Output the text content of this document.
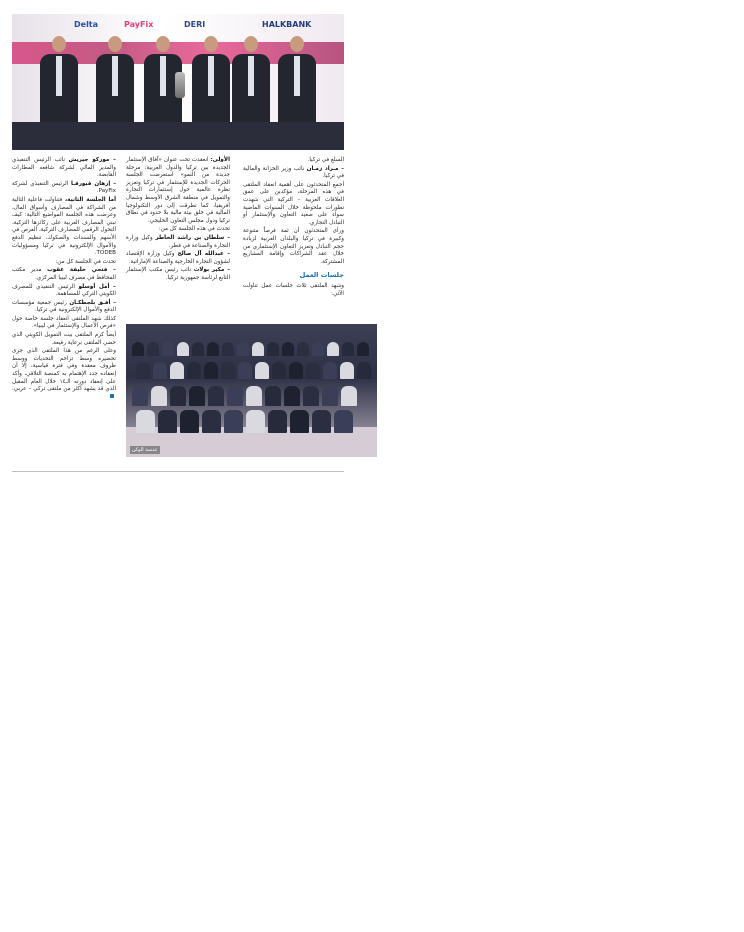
Delta	PayFix	DERI	HALKBANK

السلع في تركيا.

– مـراد زمـان نائب وزير الخزانة والمالية في تركيا.

أجمع المتحدثون على أهمية انعقاد الملتقى في هذه المرحلة، مؤكدين على عمق العلاقات العربية – التركية التي شهدت تطورات ملحوظة خلال السنوات الماضية سواء على صعيد التعاون والإستثمار أو التبادل التجاري.

ورأى المتحدثون أن ثمة فرصاً متنوعة وكبيرة في تركيا والبلدان العربية لزيادة حجم التبادل وتعزيز التعاون الإستثماري من خلال عقد الشراكات وإقامة المشاريع المشتركة.

جلسات العمل

وشهد الملتقى ثلاث جلسات عمل تناولت الآتي:

الأولى: انعقدت تحت عنوان «آفاق الإستثمار الجديدة بين تركيا والدول العربية: مرحلة جديدة من النمو» استعرضت الجلسة الحركات الجديدة للإستثمار في تركيا وتعزيز نظرة عالمية حول إستثمارات التجارة والتمويل في منطقة الشرق الأوسط وشمال أفريقيا، كما تطرقت إلى دور التكنولوجيا المالية في خلق بيئة مالية بلا حدود في نطاق تركيا ودول مجلس التعاون الخليجي.

تحدث في هذه الجلسة كل من:

– سلطان بن راشد الخاطر وكيل وزارة التجارة والصناعة في قطر.

– عبدالله آل صالح وكيل وزارة الإقتصاد لشؤون التجارة الخارجية والصناعة الإماراتية.

– مكير بولات نائب رئيس مكتب الإستثمار التابع لرئاسة جمهورية تركيا.

– موركو جيريش نائب الرئيس التنفيذي والمدير المالي لشركة شافعه المطارات القابضة.

– إرهان قبورقـا الرئيس التنفيذي لشركة PayFix.

أما الجلسة الثانية، فتناولت فاعلية التالية من الشراكة في المصارف وأسواق المال، وعرضت هذه الجلسة المواضيع التالية: كيف تبني المصارف العربية على ركائزها التركية، التحول الرقمي للمصارف التركية، الفرص في الأسهم والسندات والصكوك، تنظيم الدفع والأموال الإلكترونية في تركيا ومسؤوليات TODEB.

تحدث في الجلسة كل من:

– فتحي خليفة عقوب مدير مكتب المحافظ في مصرف ليبيا المركزي.

– أمل أوسلو الرئيس التنفيذي للمصرف الكويتي التركي للمساهمة.

– أفـق بلجطكـان رئيس جمعية مؤسسات الدفع والأموال الإلكترونية في تركيا.

كذلك شهد الملتقى انعقاد جلسة خاصة حول «فرص الأعمال والإستثمار في ليبيا».

أيضاً كرم الملتقى بيت التمويل الكويتي الذي حضي الملتقى برعاية رفيعة.

وعلى الرغم من هذا الملتقى الذي جرى تحضيره وسط تزاحم التحديات ووسط ظروف معقدة وفي فترة قياسية، إلا أن إنعقاده جدد الإهتمام به كمنصة التلاقي، وأكد على إنعقاد دورته الـ١٤ خلال العام المقبل الذي قد يشهد أكثر من ملتقى تركي – عربي.

عدسة الوكن
